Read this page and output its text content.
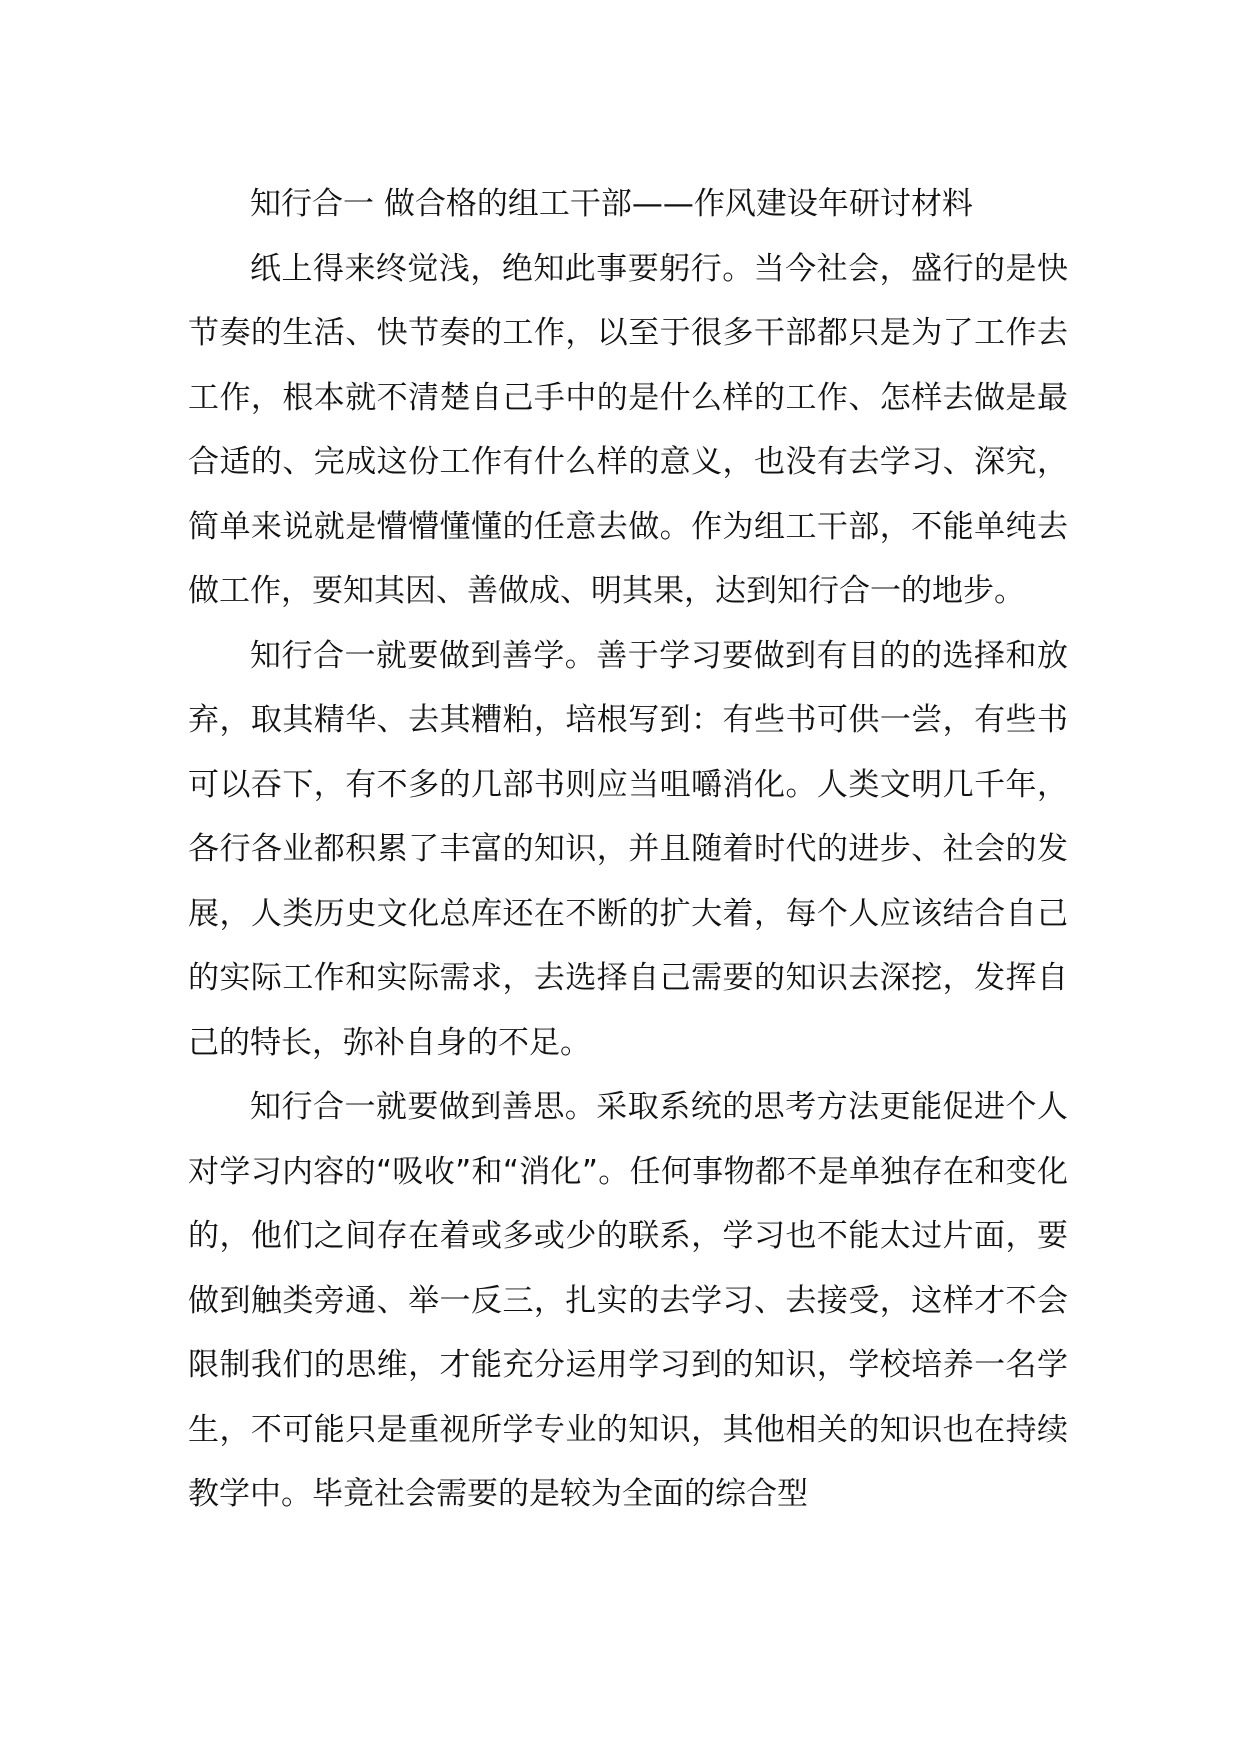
知行合一 做合格的组工干部——作风建设年研讨材料

纸上得来终觉浅，绝知此事要躬行。当今社会，盛行的是快节奏的生活、快节奏的工作，以至于很多干部都只是为了工作去工作，根本就不清楚自己手中的是什么样的工作、怎样去做是最合适的、完成这份工作有什么样的意义，也没有去学习、深究，简单来说就是懵懵懂懂的任意去做。作为组工干部，不能单纯去做工作，要知其因、善做成、明其果，达到知行合一的地步。

知行合一就要做到善学。善于学习要做到有目的的选择和放弃，取其精华、去其糟粕，培根写到：有些书可供一尝，有些书可以吞下，有不多的几部书则应当咀嚼消化。人类文明几千年，各行各业都积累了丰富的知识，并且随着时代的进步、社会的发展，人类历史文化总库还在不断的扩大着，每个人应该结合自己的实际工作和实际需求，去选择自己需要的知识去深挖，发挥自己的特长，弥补自身的不足。

知行合一就要做到善思。采取系统的思考方法更能促进个人对学习内容的“吸收”和“消化”。任何事物都不是单独存在和变化的，他们之间存在着或多或少的联系，学习也不能太过片面，要做到触类旁通、举一反三，扎实的去学习、去接受，这样才不会限制我们的思维，才能充分运用学习到的知识，学校培养一名学生，不可能只是重视所学专业的知识，其他相关的知识也在持续教学中。毕竟社会需要的是较为全面的综合型
